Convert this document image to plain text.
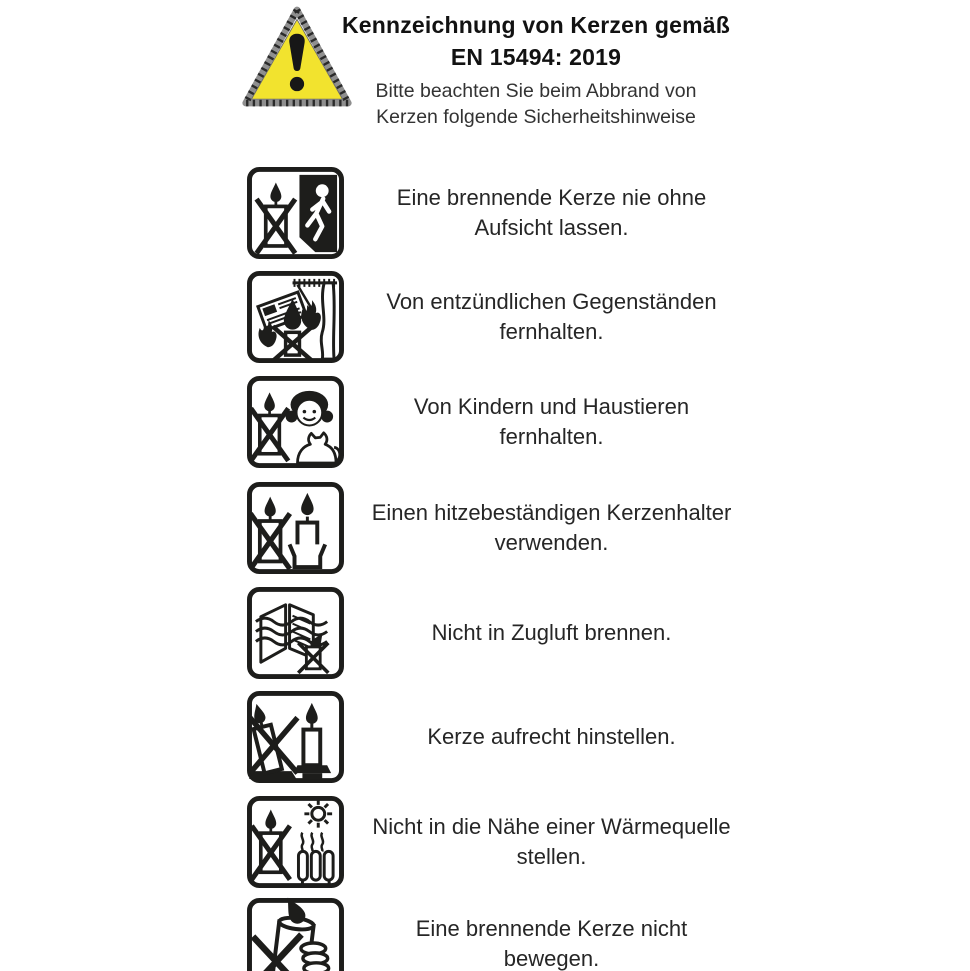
Kennzeichnung von Kerzen gemäß
EN 15494: 2019
Bitte beachten Sie beim Abbrand von
Kerzen folgende Sicherheitshinweise
Eine brennende Kerze nie ohne
Aufsicht lassen.
Von entzündlichen Gegenständen
fernhalten.
Von Kindern und Haustieren
fernhalten.
Einen hitzebeständigen Kerzenhalter
verwenden.
Nicht in Zugluft brennen.
Kerze aufrecht hinstellen.
Nicht in die Nähe einer Wärmequelle
stellen.
Eine brennende Kerze nicht
bewegen.
